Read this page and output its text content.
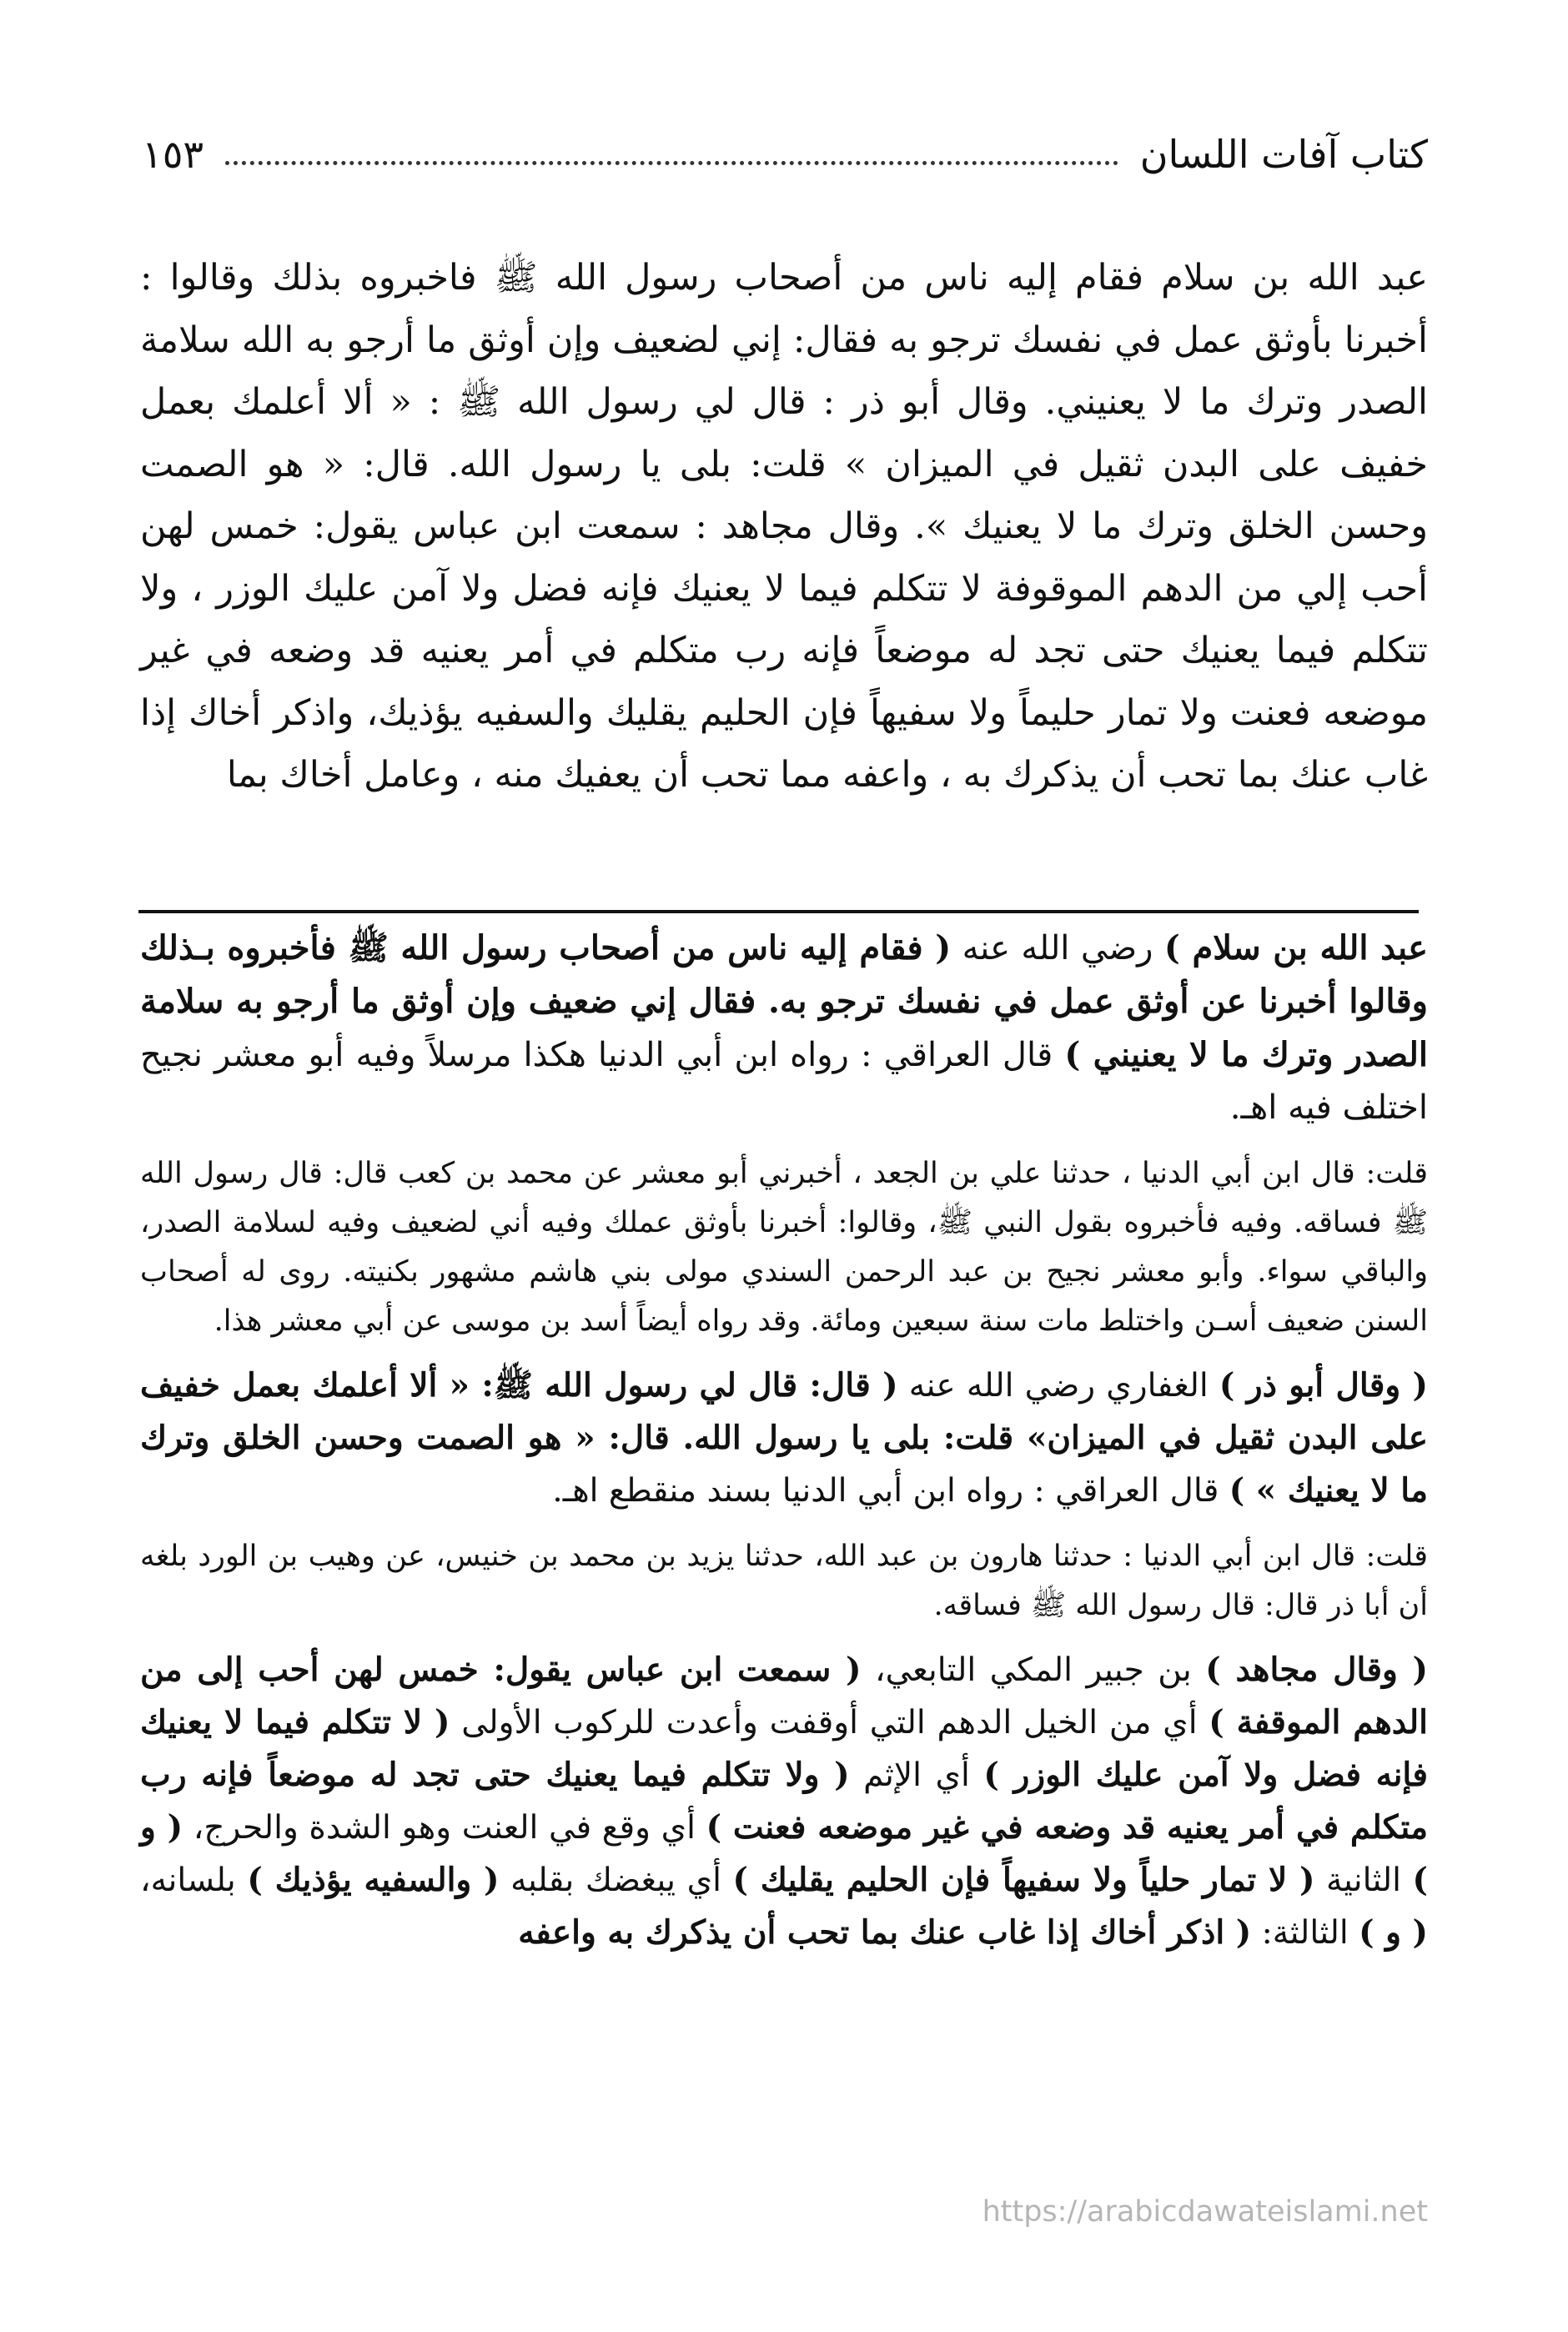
كتاب آفات اللسان
١٥٣

عبد الله بن سلام فقام إليه ناس من أصحاب رسول الله ﷺ فاخبروه بذلك وقالوا : أخبرنا بأوثق عمل في نفسك ترجو به فقال: إني لضعيف وإن أوثق ما أرجو به الله سلامة الصدر وترك ما لا يعنيني. وقال أبو ذر : قال لي رسول الله ﷺ : « ألا أعلمك بعمل خفيف على البدن ثقيل في الميزان » قلت: بلى يا رسول الله. قال: « هو الصمت وحسن الخلق وترك ما لا يعنيك ». وقال مجاهد : سمعت ابن عباس يقول: خمس لهن أحب إلي من الدهم الموقوفة لا تتكلم فيما لا يعنيك فإنه فضل ولا آمن عليك الوزر ، ولا تتكلم فيما يعنيك حتى تجد له موضعاً فإنه رب متكلم في أمر يعنيه قد وضعه في غير موضعه فعنت ولا تمار حليماً ولا سفيهاً فإن الحليم يقليك والسفيه يؤذيك، واذكر أخاك إذا غاب عنك بما تحب أن يذكرك به ، واعفه مما تحب أن يعفيك منه ، وعامل أخاك بما

عبد الله بن سلام ) رضي الله عنه ( فقام إليه ناس من أصحاب رسول الله ﷺ فأخبروه بـذلك وقالوا أخبرنا عن أوثق عمل في نفسك ترجو به. فقال إني ضعيف وإن أوثق ما أرجو به سلامة الصدر وترك ما لا يعنيني ) قال العراقي : رواه ابن أبي الدنيا هكذا مرسلاً وفيه أبو معشر نجيح اختلف فيه اهـ.

قلت: قال ابن أبي الدنيا ، حدثنا علي بن الجعد ، أخبرني أبو معشر عن محمد بن كعب قال: قال رسول الله ﷺ فساقه. وفيه فأخبروه بقول النبي ﷺ، وقالوا: أخبرنا بأوثق عملك وفيه أني لضعيف وفيه لسلامة الصدر، والباقي سواء. وأبو معشر نجيح بن عبد الرحمن السندي مولى بني هاشم مشهور بكنيته. روى له أصحاب السنن ضعيف أسـن واختلط مات سنة سبعين ومائة. وقد رواه أيضاً أسد بن موسى عن أبي معشر هذا.

( وقال أبو ذر ) الغفاري رضي الله عنه ( قال: قال لي رسول الله ﷺ: « ألا أعلمك بعمل خفيف على البدن ثقيل في الميزان» قلت: بلى يا رسول الله. قال: « هو الصمت وحسن الخلق وترك ما لا يعنيك » ) قال العراقي : رواه ابن أبي الدنيا بسند منقطع اهـ.

قلت: قال ابن أبي الدنيا : حدثنا هارون بن عبد الله، حدثنا يزيد بن محمد بن خنيس، عن وهيب بن الورد بلغه أن أبا ذر قال: قال رسول الله ﷺ فساقه.

( وقال مجاهد ) بن جبير المكي التابعي، ( سمعت ابن عباس يقول: خمس لهن أحب إلى من الدهم الموقفة ) أي من الخيل الدهم التي أوقفت وأعدت للركوب الأولى ( لا تتكلم فيما لا يعنيك فإنه فضل ولا آمن عليك الوزر ) أي الإثم ( ولا تتكلم فيما يعنيك حتى تجد له موضعاً فإنه رب متكلم في أمر يعنيه قد وضعه في غير موضعه فعنت ) أي وقع في العنت وهو الشدة والحرج، ( و ) الثانية ( لا تمار حلياً ولا سفيهاً فإن الحليم يقليك ) أي يبغضك بقلبه ( والسفيه يؤذيك ) بلسانه، ( و ) الثالثة: ( اذكر أخاك إذا غاب عنك بما تحب أن يذكرك به واعفه

https://arabicdawateislami.net
